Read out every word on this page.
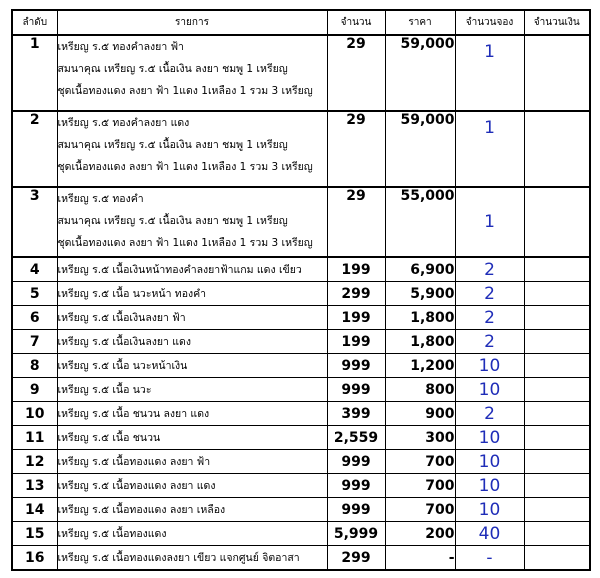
ลำดับ	รายการ	จำนวน	ราคา	จำนวนจอง	จำนวนเงิน
1	เหรียญ ร.๕ ทองคำลงยา ฟ้า
สมนาคุณ เหรียญ ร.๕ เนื้อเงิน ลงยา ชมพู 1 เหรียญ
ชุดเนื้อทองแดง ลงยา ฟ้า 1แดง 1เหลือง 1 รวม 3 เหรียญ	29	59,000	1	
2	เหรียญ ร.๕ ทองคำลงยา แดง
สมนาคุณ เหรียญ ร.๕ เนื้อเงิน ลงยา ชมพู 1 เหรียญ
ชุดเนื้อทองแดง ลงยา ฟ้า 1แดง 1เหลือง 1 รวม 3 เหรียญ	29	59,000	1	
3	เหรียญ ร.๕ ทองคำ
สมนาคุณ เหรียญ ร.๕ เนื้อเงิน ลงยา ชมพู 1 เหรียญ
ชุดเนื้อทองแดง ลงยา ฟ้า 1แดง 1เหลือง 1 รวม 3 เหรียญ	29	55,000	1	
4	เหรียญ ร.๕ เนื้อเงินหน้าทองคำลงยาฟ้าแกม แดง เขียว	199	6,900	2	
5	เหรียญ ร.๕ เนื้อ นวะหน้า ทองคำ	299	5,900	2	
6	เหรียญ ร.๕ เนื้อเงินลงยา ฟ้า	199	1,800	2	
7	เหรียญ ร.๕ เนื้อเงินลงยา แดง	199	1,800	2	
8	เหรียญ ร.๕ เนื้อ นวะหน้าเงิน	999	1,200	10	
9	เหรียญ ร.๕ เนื้อ นวะ	999	800	10	
10	เหรียญ ร.๕ เนื้อ ชนวน ลงยา แดง	399	900	2	
11	เหรียญ ร.๕ เนื้อ ชนวน	2,559	300	10	
12	เหรียญ ร.๕ เนื้อทองแดง ลงยา ฟ้า	999	700	10	
13	เหรียญ ร.๕ เนื้อทองแดง ลงยา แดง	999	700	10	
14	เหรียญ ร.๕ เนื้อทองแดง ลงยา เหลือง	999	700	10	
15	เหรียญ ร.๕ เนื้อทองแดง	5,999	200	40	
16	เหรียญ ร.๕ เนื้อทองแดงลงยา เขียว แจกศูนย์ จิตอาสา	299	-	-	
